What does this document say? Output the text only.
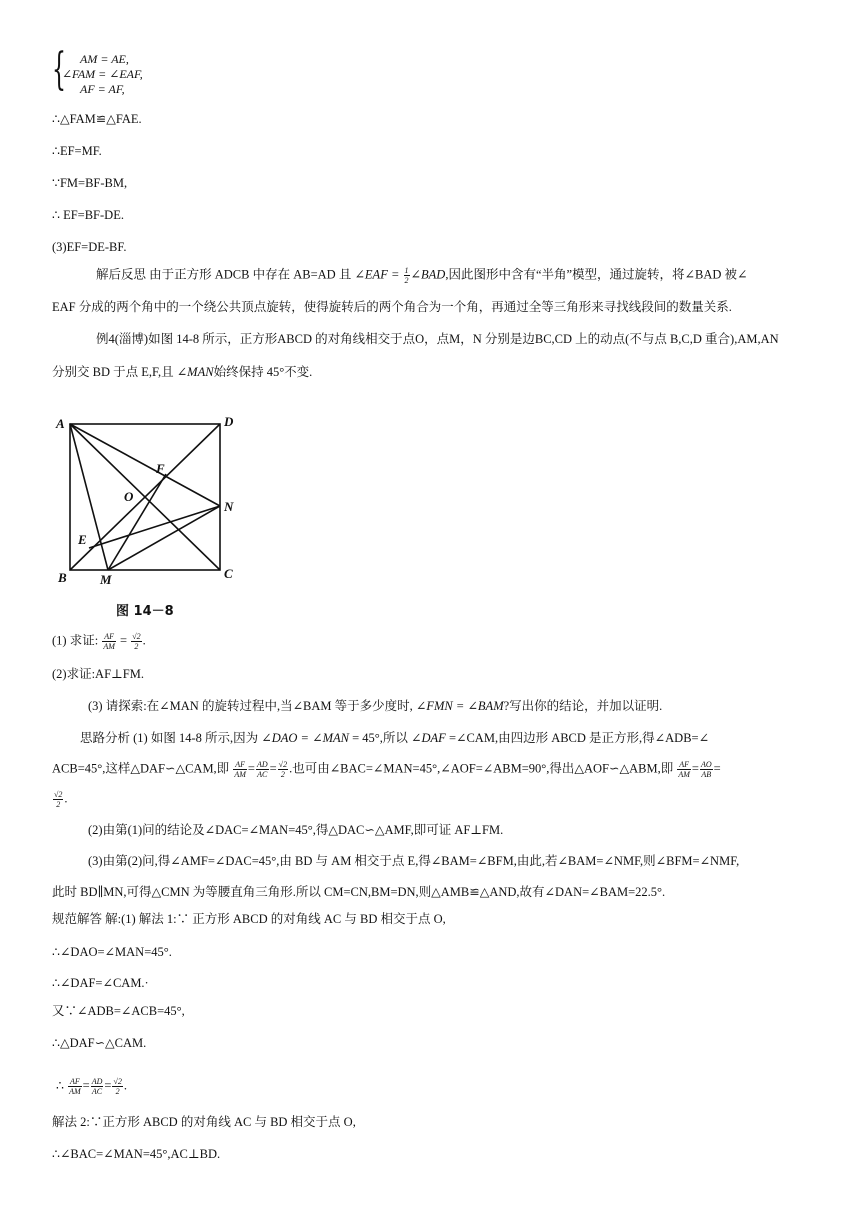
{ AM = AE,
∠FAM = ∠EAF,
AF = AF,
∴△FAM≌△FAE.
∴EF=MF.
∵FM=BF-BM,
∴ EF=BF-DE.
(3)EF=DE-BF.
解后反思 由于正方形 ADCB 中存在 AB=AD 且 ∠EAF = $\frac{1}{2}$ ∠BAD,因此图形中含有“半角”模型，通过旋转，将∠BAD 被∠
EAF 分成的两个角中的一个绕公共顶点旋转，使得旋转后的两个角合为一个角，再通过全等三角形来寻找线段间的数量关系.
例4(淄博)如图 14-8 所示，正方形ABCD 的对角线相交于点O，点M，N 分别是边BC,CD 上的动点(不与点 B,C,D 重合),AM,AN
分别交 BD 于点 E,F,且 ∠MAN始终保持 45°不变.
A	D
B	C
M
N
E
F
O
图 14－8
(1) 求证: $\frac{AF}{AM} = \frac{√2}{2}$ .
(2)求证:AF⊥FM.
(3) 请探索:在∠MAN 的旋转过程中,当∠BAM 等于多少度时, ∠FMN = ∠BAM?写出你的结论，并加以证明.
思路分析 (1) 如图 14-8 所示,因为 ∠DAO = ∠MAN = 45°,所以 ∠DAF =∠CAM,由四边形 ABCD 是正方形,得∠ADB=∠
ACB=45°,这样△DAF∽△CAM,即 $\frac{AF}{AM} = \frac{AD}{AC} = \frac{√2}{2}$ .也可由∠BAC=∠MAN=45°,∠AOF=∠ABM=90°,得出△AOF∽△ABM,即 $\frac{AF}{AM} = \frac{AO}{AB}$ =
$\frac{√2}{2}$ .
(2)由第(1)问的结论及∠DAC=∠MAN=45°,得△DAC∽△AMF,即可证 AF⊥FM.
(3)由第(2)问,得∠AMF=∠DAC=45°,由 BD 与 AM 相交于点 E,得∠BAM=∠BFM,由此,若∠BAM=∠NMF,则∠BFM=∠NMF,
此时 BD∥MN,可得△CMN 为等腰直角三角形.所以 CM=CN,BM=DN,则△AMB≌△AND,故有∠DAN=∠BAM=22.5°.
规范解答 解:(1) 解法 1:∵ 正方形 ABCD 的对角线 AC 与 BD 相交于点 O,
∴∠DAO=∠MAN=45°.
∴∠DAF=∠CAM.·
又∵∠ADB=∠ACB=45°,
∴△DAF∽△CAM.
∴ $\frac{AF}{AM} = \frac{AD}{AC} = \frac{√2}{2}$ .
解法 2:∵正方形 ABCD 的对角线 AC 与 BD 相交于点 O,
∴∠BAC=∠MAN=45°,AC⊥BD.
